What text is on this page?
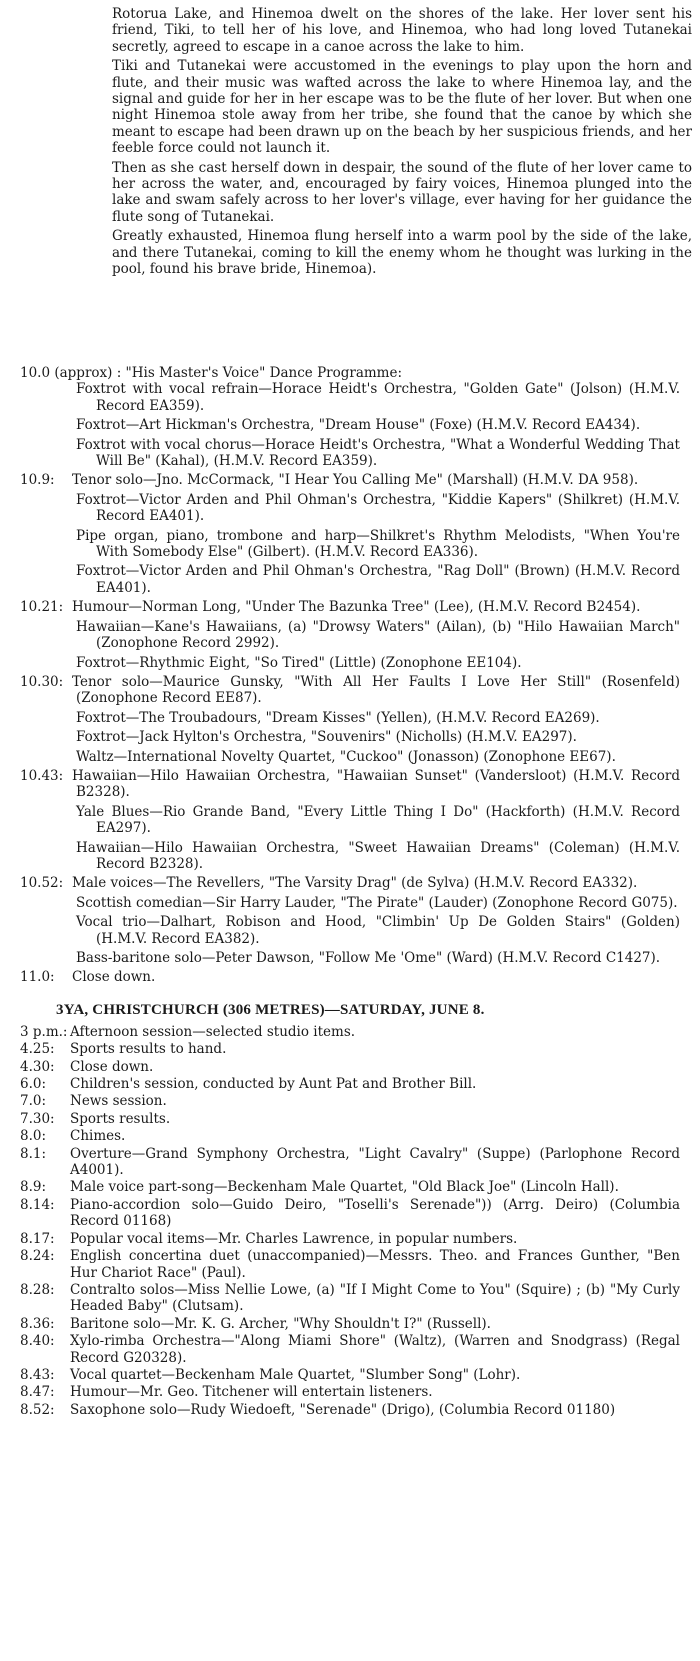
Rotorua Lake, and Hinemoa dwelt on the shores of the lake. Her lover sent his friend, Tiki, to tell her of his love, and Hinemoa, who had long loved Tutanekai secretly, agreed to escape in a canoe across the lake to him.

Tiki and Tutanekai were accustomed in the evenings to play upon the horn and flute, and their music was wafted across the lake to where Hinemoa lay, and the signal and guide for her in her escape was to be the flute of her lover. But when one night Hinemoa stole away from her tribe, she found that the canoe by which she meant to escape had been drawn up on the beach by her suspicious friends, and her feeble force could not launch it.

Then as she cast herself down in despair, the sound of the flute of her lover came to her across the water, and, encouraged by fairy voices, Hinemoa plunged into the lake and swam safely across to her lover's village, ever having for her guidance the flute song of Tutanekai.

Greatly exhausted, Hinemoa flung herself into a warm pool by the side of the lake, and there Tutanekai, coming to kill the enemy whom he thought was lurking in the pool, found his brave bride, Hinemoa).

10.0 (approx) : "His Master's Voice" Dance Programme:
Foxtrot with vocal refrain—Horace Heidt's Orchestra, "Golden Gate" (Jolson) (H.M.V. Record EA359).
Foxtrot—Art Hickman's Orchestra, "Dream House" (Foxe) (H.M.V. Record EA434).
Foxtrot with vocal chorus—Horace Heidt's Orchestra, "What a Wonderful Wedding That Will Be" (Kahal), (H.M.V. Record EA359).
10.9: Tenor solo—Jno. McCormack, "I Hear You Calling Me" (Marshall) (H.M.V. DA 958).
Foxtrot—Victor Arden and Phil Ohman's Orchestra, "Kiddie Kapers" (Shilkret) (H.M.V. Record EA401).
Pipe organ, piano, trombone and harp—Shilkret's Rhythm Melodists, "When You're With Somebody Else" (Gilbert). (H.M.V. Record EA336).
Foxtrot—Victor Arden and Phil Ohman's Orchestra, "Rag Doll" (Brown) (H.M.V. Record EA401).
10.21: Humour—Norman Long, "Under The Bazunka Tree" (Lee), (H.M.V. Record B2454).
Hawaiian—Kane's Hawaiians, (a) "Drowsy Waters" (Ailan), (b) "Hilo Hawaiian March" (Zonophone Record 2992).
Foxtrot—Rhythmic Eight, "So Tired" (Little) (Zonophone EE104).
10.30: Tenor solo—Maurice Gunsky, "With All Her Faults I Love Her Still" (Rosenfeld) (Zonophone Record EE87).
Foxtrot—The Troubadours, "Dream Kisses" (Yellen), (H.M.V. Record EA269).
Foxtrot—Jack Hylton's Orchestra, "Souvenirs" (Nicholls) (H.M.V. EA297).
Waltz—International Novelty Quartet, "Cuckoo" (Jonasson) (Zonophone EE67).
10.43: Hawaiian—Hilo Hawaiian Orchestra, "Hawaiian Sunset" (Vandersloot) (H.M.V. Record B2328).
Yale Blues—Rio Grande Band, "Every Little Thing I Do" (Hackforth) (H.M.V. Record EA297).
Hawaiian—Hilo Hawaiian Orchestra, "Sweet Hawaiian Dreams" (Coleman) (H.M.V. Record B2328).
10.52: Male voices—The Revellers, "The Varsity Drag" (de Sylva) (H.M.V. Record EA332).
Scottish comedian—Sir Harry Lauder, "The Pirate" (Lauder) (Zonophone Record G075).
Vocal trio—Dalhart, Robison and Hood, "Climbin' Up De Golden Stairs" (Golden) (H.M.V. Record EA382).
Bass-baritone solo—Peter Dawson, "Follow Me 'Ome" (Ward) (H.M.V. Record C1427).
11.0: Close down.
3YA, CHRISTCHURCH (306 METRES)—SATURDAY, JUNE 8.
3 p.m.: Afternoon session—selected studio items.
4.25: Sports results to hand.
4.30: Close down.
6.0: Children's session, conducted by Aunt Pat and Brother Bill.
7.0: News session.
7.30: Sports results.
8.0: Chimes.
8.1: Overture—Grand Symphony Orchestra, "Light Cavalry" (Suppe) (Parlophone Record A4001).
8.9: Male voice part-song—Beckenham Male Quartet, "Old Black Joe" (Lincoln Hall).
8.14: Piano-accordion solo—Guido Deiro, "Toselli's Serenade")) (Arrg. Deiro) (Columbia Record 01168)
8.17: Popular vocal items—Mr. Charles Lawrence, in popular numbers.
8.24: English concertina duet (unaccompanied)—Messrs. Theo. and Frances Gunther, "Ben Hur Chariot Race" (Paul).
8.28: Contralto solos—Miss Nellie Lowe, (a) "If I Might Come to You" (Squire) ; (b) "My Curly Headed Baby" (Clutsam).
8.36: Baritone solo—Mr. K. G. Archer, "Why Shouldn't I?" (Russell).
8.40: Xylo-rimba Orchestra—"Along Miami Shore" (Waltz), (Warren and Snodgrass) (Regal Record G20328).
8.43: Vocal quartet—Beckenham Male Quartet, "Slumber Song" (Lohr).
8.47: Humour—Mr. Geo. Titchener will entertain listeners.
8.52: Saxophone solo—Rudy Wiedoeft, "Serenade" (Drigo), (Columbia Record 01180)
